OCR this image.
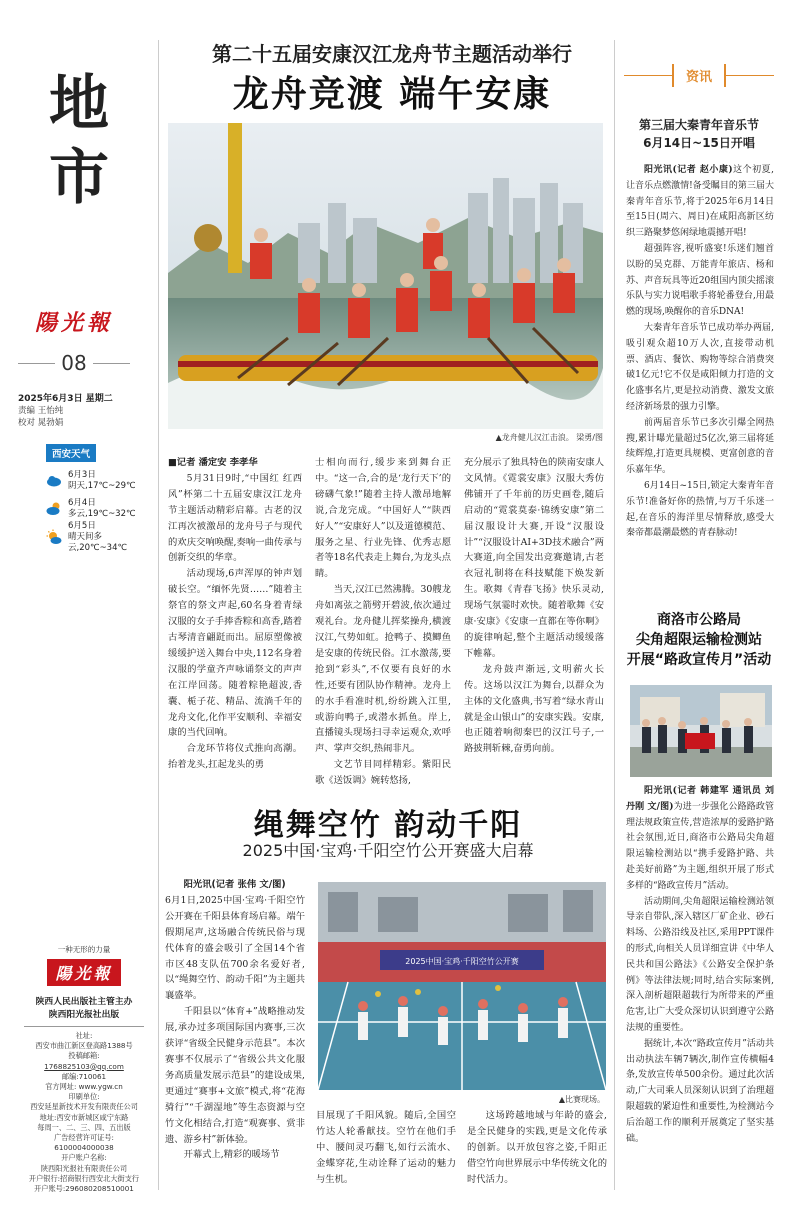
地市
陽光報
08
2025年6月3日 星期二
责编 王怡纯
校对 晁勃娟
西安天气
6月3日
阴天,17℃~29℃
6月4日
多云,19℃~32℃
6月5日
晴天间多云,20℃~34℃
一种无形的力量
陽光報
陕西人民出版社主管主办
陕西阳光报社出版
社址:
西安市曲江新区登高路1388号
投稿邮箱:
1768825103@qq.com
邮编:710061
官方网址: www.ygw.cn
印刷单位:
西安延星新技术开发有限责任公司
地址:西安市新城区咸宁东路
每周一、二、三、四、五出版
广告经营许可证号:
6100004000038
开户账户名称:
陕西阳光报社有限责任公司
开户银行:招商银行西安北大街支行
开户账号:296080208510001
第二十五届安康汉江龙舟节主题活动举行
龙舟竞渡 端午安康
▲龙舟健儿汉江击浪。 梁勇/图

■记者 潘定安 李孝华

5月31日9时,“中国红 红西风”杯第二十五届安康汉江龙舟节主题活动精彩启幕。古老的汉江再次被激昂的龙舟号子与现代的欢庆交响唤醒,奏响一曲传承与创新交织的华章。

活动现场,6声浑厚的钟声划破长空。“缅怀先贤……”随着主祭官的祭文声起,60名身着青绿汉服的女子手捧香粽和高香,踏着古琴清音翩跹而出。屈原塑像被缓缓护送入舞台中央,112名身着汉服的学童齐声咏诵祭文的声声在江岸回荡。随着粽艳超波,香囊、栀子花、精品、流淌千年的龙舟文化,化作平安顺利、幸福安康的当代回响。

合龙环节将仪式推向高潮。抬着龙头,扛起龙头的勇

士相向而行,缓步来到舞台正中。“这一合,合的是‘龙行天下’的磅礴气象!”随着主持人激昂地解说,合龙完成。“中国好人”“陕西好人”“安康好人”以及道德模范、服务之星、行业先锋、优秀志愿者等18名代表走上舞台,为龙头点睛。

当天,汉江已然沸腾。30艘龙舟如离弦之箭劈开碧波,依次通过观礼台。龙舟健儿挥桨操舟,横渡汉江,气势如虹。抢鸭子、摸鲫鱼是安康的传统民俗。江水激荡,要抢到“彩头”,不仅要有良好的水性,还要有团队协作精神。龙舟上的水手看准时机,纷纷跳入江里,或游向鸭子,或潜水抓鱼。岸上,直播镜头现场扫寻幸运观众,欢呼声、掌声交织,热闹非凡。

文艺节目同样精彩。紫阳民歌《送饭调》婉转悠扬,

充分展示了独具特色的陕南安康人文风情。《霓裳安康》汉服大秀仿佛铺开了千年前的历史画卷,随后启动的“霓裳莫泰·锦绣安康”第二届汉服设计大赛,开设“汉服设计”“汉服设计AI+3D技术融合”两大赛道,向全国发出竞赛邀请,古老衣冠礼制将在科技赋能下焕发新生。歌舞《青春飞扬》快乐灵动,现场气氛霎时欢快。随着歌舞《安康·安康》《安康一直都在等你啊》的旋律响起,整个主题活动缓缓落下帷幕。

龙舟鼓声渐远,文明薪火长传。这场以汉江为舞台,以群众为主体的文化盛典,书写着“绿水青山就是金山银山”的安康实践。安康,也正随着响彻秦巴的汉江号子,一路披荆斩棘,奋勇向前。

绳舞空竹 韵动千阳
2025中国·宝鸡·千阳空竹公开赛盛大启幕

阳光讯(记者 张伟 文/图)

6月1日,2025中国·宝鸡·千阳空竹公开赛在千阳县体育场启幕。端午假期尾声,这场融合传统民俗与现代体育的盛会吸引了全国14个省市区48支队伍700余名爱好者,以“绳舞空竹、韵动千阳”为主题共襄盛举。

千阳县以“体育+”战略推动发展,承办过多项国际国内赛事,三次获评“省级全民健身示范县”。本次赛事不仅展示了“省级公共文化服务高质量发展示范县”的建设成果,更通过“赛事+文旅”模式,将“花海骑行”“千湖湿地”等生态资源与空竹文化相结合,打造“观赛事、赏非遗、游乡村”新体验。

开幕式上,精彩的暖场节

2025中国·宝鸡·千阳空竹公开赛
▲比赛现场。

目展现了千阳风貌。随后,全国空竹达人轮番献技。空竹在他们手中、腰间灵巧翻飞,如行云流水、金蝶穿花,生动诠释了运动的魅力与生机。

这场跨越地域与年龄的盛会,是全民健身的实践,更是文化传承的创新。以开放包容之姿,千阳正借空竹向世界展示中华传统文化的时代活力。

资讯
第三届大秦青年音乐节
6月14日~15日开唱

阳光讯(记者 赵小康)这个初夏,让音乐点燃激情!备受瞩目的第三届大秦青年音乐节,将于2025年6月14日至15日(周六、周日)在咸阳高新区纺织三路聚梦悠闲绿地震撼开唱!

超强阵容,视听盛宴!乐迷们翘首以盼的吴克群、万能青年旅店、杨和苏、声音玩具等近20组国内顶尖摇滚乐队与实力说唱歌手将轮番登台,用最燃的现场,唤醒你的音乐DNA!

大秦青年音乐节已成功举办两届,吸引观众超10万人次,直接带动机票、酒店、餐饮、购物等综合消费突破1亿元!它不仅是咸阳倾力打造的文化盛事名片,更是拉动消费、激发文旅经济新场景的强力引擎。

前两届音乐节已多次引爆全网热搜,累计曝光量超过5亿次,第三届将延续辉煌,打造更具规模、更富创意的音乐嘉年华。

6月14日~15日,锁定大秦青年音乐节!准备好你的热情,与万千乐迷一起,在音乐的海洋里尽情释放,感受大秦帝都最潮最燃的青春脉动!

商洛市公路局
尖角超限运输检测站
开展“路政宣传月”活动

阳光讯(记者 韩建军 通讯员 刘丹刚 文/图)为进一步强化公路路政管理法规政策宣传,营造浓厚的爱路护路社会氛围,近日,商洛市公路局尖角超限运输检测站以“携手爱路护路、共赴美好前路”为主题,组织开展了形式多样的“路政宣传月”活动。

活动期间,尖角超限运输检测站领导亲自带队,深入辖区厂矿企业、砂石料场、公路沿线及社区,采用PPT课件的形式,向相关人员详细宣讲《中华人民共和国公路法》《公路安全保护条例》等法律法规;同时,结合实际案例,深入剖析超限超载行为所带来的严重危害,让广大受众深切认识到遵守公路法规的重要性。

据统计,本次“路政宣传月”活动共出动执法车辆7辆次,制作宣传横幅4条,发放宣传单500余份。通过此次活动,广大司乘人员深刻认识到了治理超限超载的紧迫性和重要性,为检测站今后治超工作的顺利开展奠定了坚实基础。
